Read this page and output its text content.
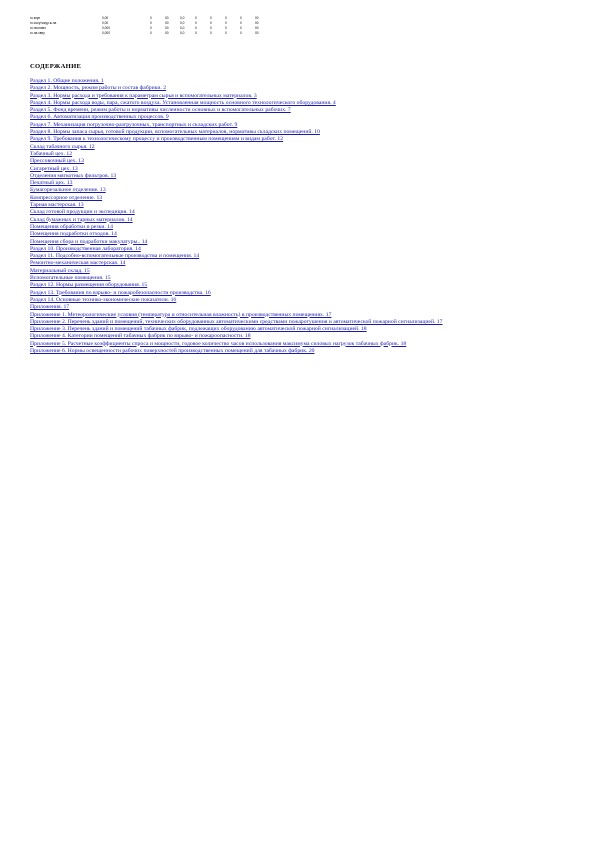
ru.кпуп	0,00	0	00	0,0	0	0	0	0	00
ru.сосутсжур.ж.на	0,00	0	00	0,0	0	0	0	0	00
ru.ноопиео	0,000	0	00	0,0	0	0	0	0	00
ru.на.свиу	0,000	0	00	0,0	0	0	0	0	00
СОДЕРЖАНИЕ
Раздел 1. Общие положения. 1
Раздел 2. Мощность, режим работы и состав фабрики. 2
Раздел 3. Нормы расхода и требования к параметрам сырья и вспомогательных материалов. 3
Раздел 4. Нормы расхода воды, пара, сжатого воздуха. Установленная мощность основного технологического оборудования. 4
Раздел 5. Фонд времени, режим работы и нормативы численности основных и вспомогательных рабочих. 7
Раздел 6. Автоматизация производственных процессов. 9
Раздел 7. Механизация погрузочно-разгрузочных, транспортных и складских работ. 9
Раздел 8. Нормы запаса сырья, готовой продукции, вспомогательных материалов, нормативы складских помещений. 10
Раздел 9. Требования к технологическому процессу и производственным помещениям и видам работ. 12
Склад табачного сырья. 12
Табачный цех. 12
Прессовочный цех. 13
Сигаретный цех. 13
Отделения мягкотных фильтров. 13
Печатный цех. 13
Бумагорезальное отделение. 13
Компрессорное отделение. 13
Тарная мастерская. 13
Склад готовой продукции и экспедиция. 14
Склад бумажных и тарных материалов. 14
Помещения обработки и резки. 14
Помещения подработки отходов. 14
Помещения сбора и подработки макулатуры.. 14
Раздел 10. Производственная лаборатория. 14
Раздел 11. Подсобно-вспомогательные производства и помещения. 14
Ремонтно-механическая мастерская. 14
Материальный склад. 15
Вспомогательные помещения. 15
Раздел 12. Нормы размещения оборудования. 15
Раздел 13. Требования по взрыво- и пожаробезопасности производства. 16
Раздел 14. Основные технико-экономические показатели. 16
Приложения. 17
Приложение 1. Метеорологические условия (температура и относительная влажность) в производственных помещениях. 17
Приложение 2. Перечень зданий и помещений, технических оборудованных автоматическими средствами пожаротушения и автоматической пожарной сигнализацией. 17
Приложение 3. Перечень зданий и помещений табачных фабрик, подлежащих оборудованию автоматической пожарной сигнализацией. 18
Приложение 4. Категории помещений табачных фабрик по взрыво- и пожароопасности. 18
Приложение 5. Расчетные коэффициенты спроса и мощности, годовое количество часов использования максимума силовых нагрузок табачных фабрик. 18
Приложение 6. Нормы освещенности рабочих поверхностей производственных помещений для табачных фабрик. 20
